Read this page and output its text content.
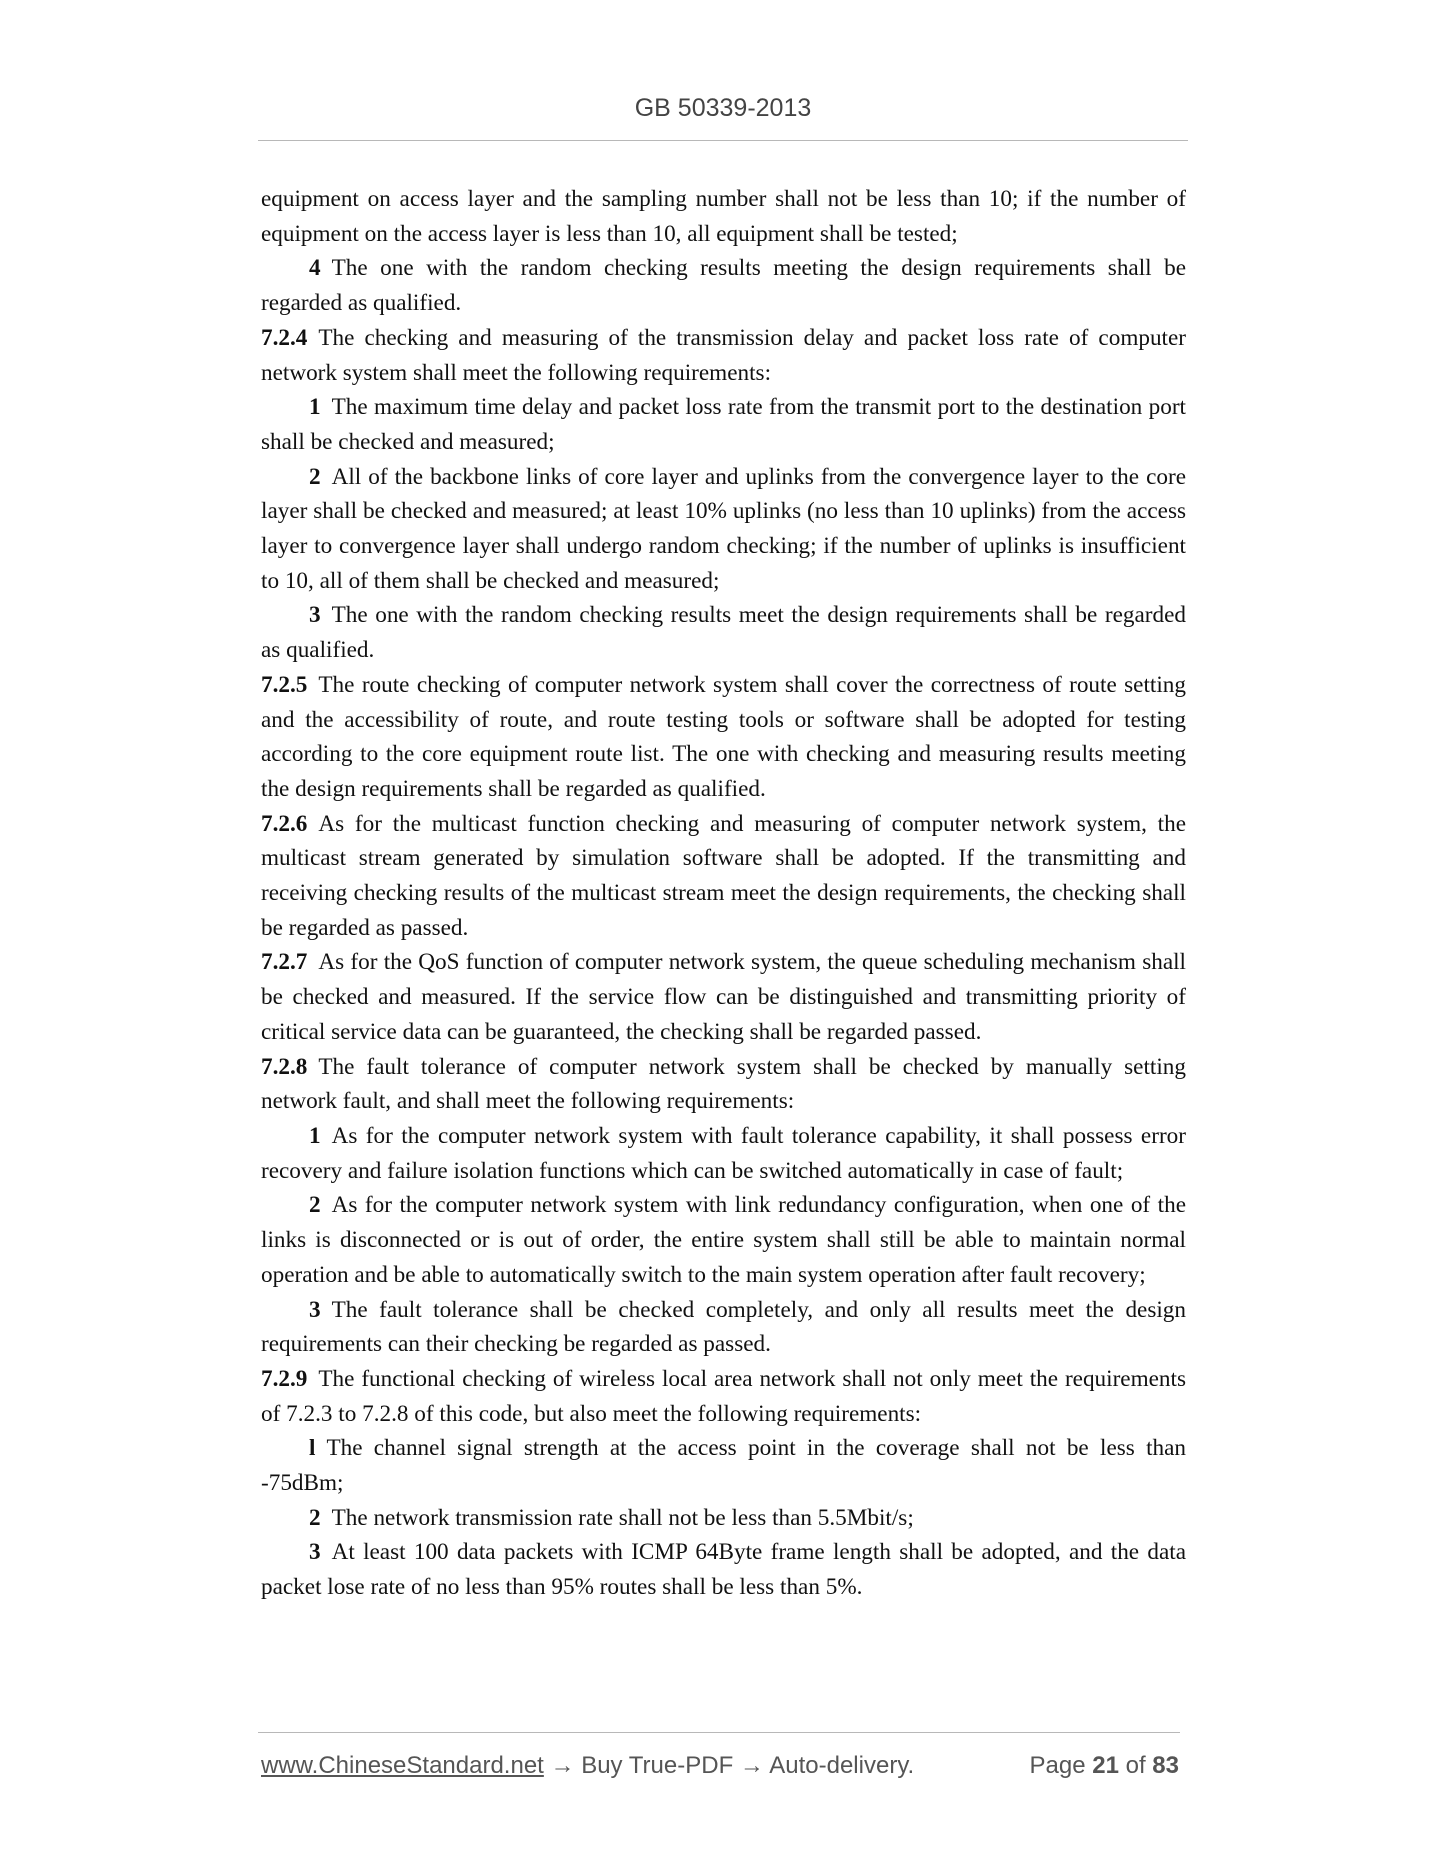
GB 50339-2013

equipment on access layer and the sampling number shall not be less than 10; if the number of equipment on the access layer is less than 10, all equipment shall be tested;

4 The one with the random checking results meeting the design requirements shall be regarded as qualified.

7.2.4 The checking and measuring of the transmission delay and packet loss rate of computer network system shall meet the following requirements:

1 The maximum time delay and packet loss rate from the transmit port to the destination port shall be checked and measured;

2 All of the backbone links of core layer and uplinks from the convergence layer to the core layer shall be checked and measured; at least 10% uplinks (no less than 10 uplinks) from the access layer to convergence layer shall undergo random checking; if the number of uplinks is insufficient to 10, all of them shall be checked and measured;

3 The one with the random checking results meet the design requirements shall be regarded as qualified.

7.2.5 The route checking of computer network system shall cover the correctness of route setting and the accessibility of route, and route testing tools or software shall be adopted for testing according to the core equipment route list. The one with checking and measuring results meeting the design requirements shall be regarded as qualified.

7.2.6 As for the multicast function checking and measuring of computer network system, the multicast stream generated by simulation software shall be adopted. If the transmitting and receiving checking results of the multicast stream meet the design requirements, the checking shall be regarded as passed.

7.2.7 As for the QoS function of computer network system, the queue scheduling mechanism shall be checked and measured. If the service flow can be distinguished and transmitting priority of critical service data can be guaranteed, the checking shall be regarded passed.

7.2.8 The fault tolerance of computer network system shall be checked by manually setting network fault, and shall meet the following requirements:

1 As for the computer network system with fault tolerance capability, it shall possess error recovery and failure isolation functions which can be switched automatically in case of fault;

2 As for the computer network system with link redundancy configuration, when one of the links is disconnected or is out of order, the entire system shall still be able to maintain normal operation and be able to automatically switch to the main system operation after fault recovery;

3 The fault tolerance shall be checked completely, and only all results meet the design requirements can their checking be regarded as passed.

7.2.9 The functional checking of wireless local area network shall not only meet the requirements of 7.2.3 to 7.2.8 of this code, but also meet the following requirements:

l The channel signal strength at the access point in the coverage shall not be less than -75dBm;

2 The network transmission rate shall not be less than 5.5Mbit/s;

3 At least 100 data packets with ICMP 64Byte frame length shall be adopted, and the data packet lose rate of no less than 95% routes shall be less than 5%.

www.ChineseStandard.net → Buy True-PDF → Auto-delivery.	Page 21 of 83
